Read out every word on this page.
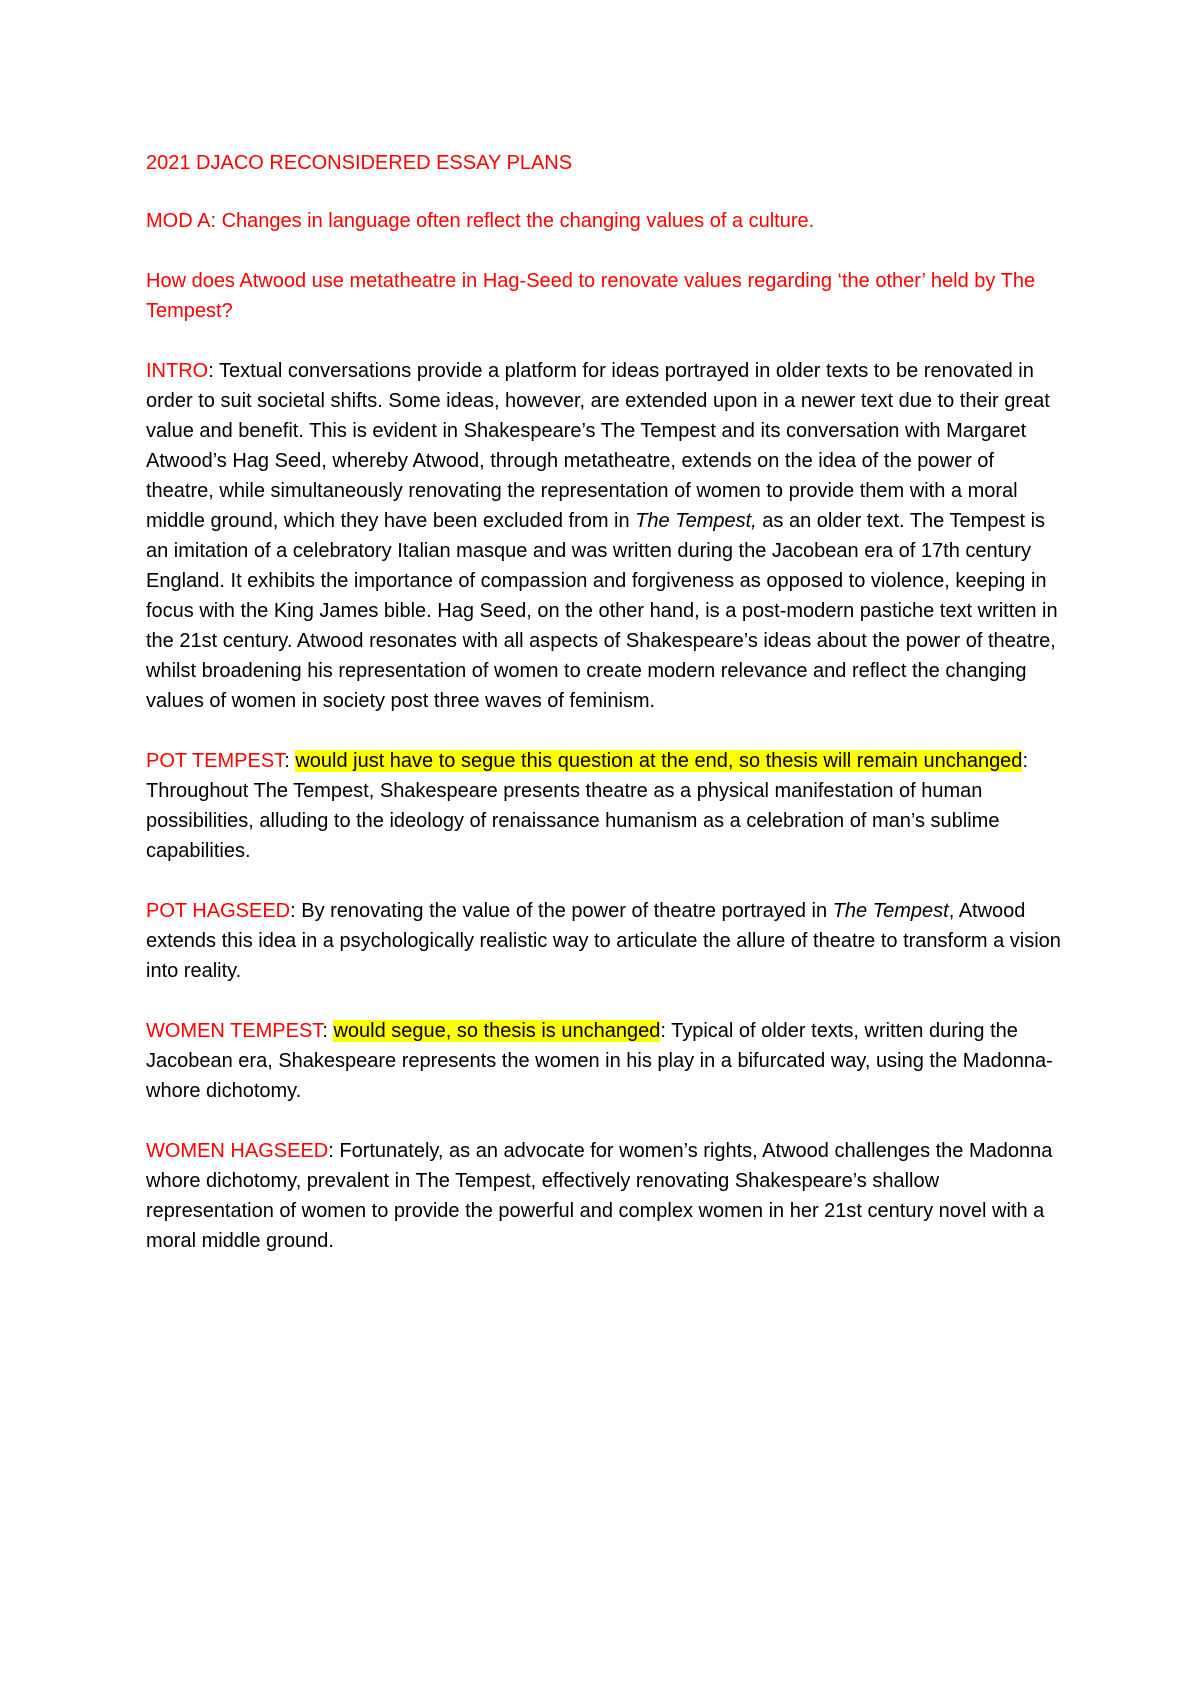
2021 DJACO RECONSIDERED ESSAY PLANS

MOD A: Changes in language often reflect the changing values of a culture.

How does Atwood use metatheatre in Hag-Seed to renovate values regarding ‘the other’ held by The Tempest?

INTRO: Textual conversations provide a platform for ideas portrayed in older texts to be renovated in order to suit societal shifts. Some ideas, however, are extended upon in a newer text due to their great value and benefit. This is evident in Shakespeare’s The Tempest and its conversation with Margaret Atwood’s Hag Seed, whereby Atwood, through metatheatre, extends on the idea of the power of theatre, while simultaneously renovating the representation of women to provide them with a moral middle ground, which they have been excluded from in The Tempest, as an older text. The Tempest is an imitation of a celebratory Italian masque and was written during the Jacobean era of 17th century England. It exhibits the importance of compassion and forgiveness as opposed to violence, keeping in focus with the King James bible. Hag Seed, on the other hand, is a post-modern pastiche text written in the 21st century. Atwood resonates with all aspects of Shakespeare’s ideas about the power of theatre, whilst broadening his representation of women to create modern relevance and reflect the changing values of women in society post three waves of feminism.

POT TEMPEST: would just have to segue this question at the end, so thesis will remain unchanged: Throughout The Tempest, Shakespeare presents theatre as a physical manifestation of human possibilities, alluding to the ideology of renaissance humanism as a celebration of man’s sublime capabilities.

POT HAGSEED: By renovating the value of the power of theatre portrayed in The Tempest, Atwood extends this idea in a psychologically realistic way to articulate the allure of theatre to transform a vision into reality.

WOMEN TEMPEST: would segue, so thesis is unchanged: Typical of older texts, written during the Jacobean era, Shakespeare represents the women in his play in a bifurcated way, using the Madonna-whore dichotomy.

WOMEN HAGSEED: Fortunately, as an advocate for women’s rights, Atwood challenges the Madonna whore dichotomy, prevalent in The Tempest, effectively renovating Shakespeare’s shallow representation of women to provide the powerful and complex women in her 21st century novel with a moral middle ground.
